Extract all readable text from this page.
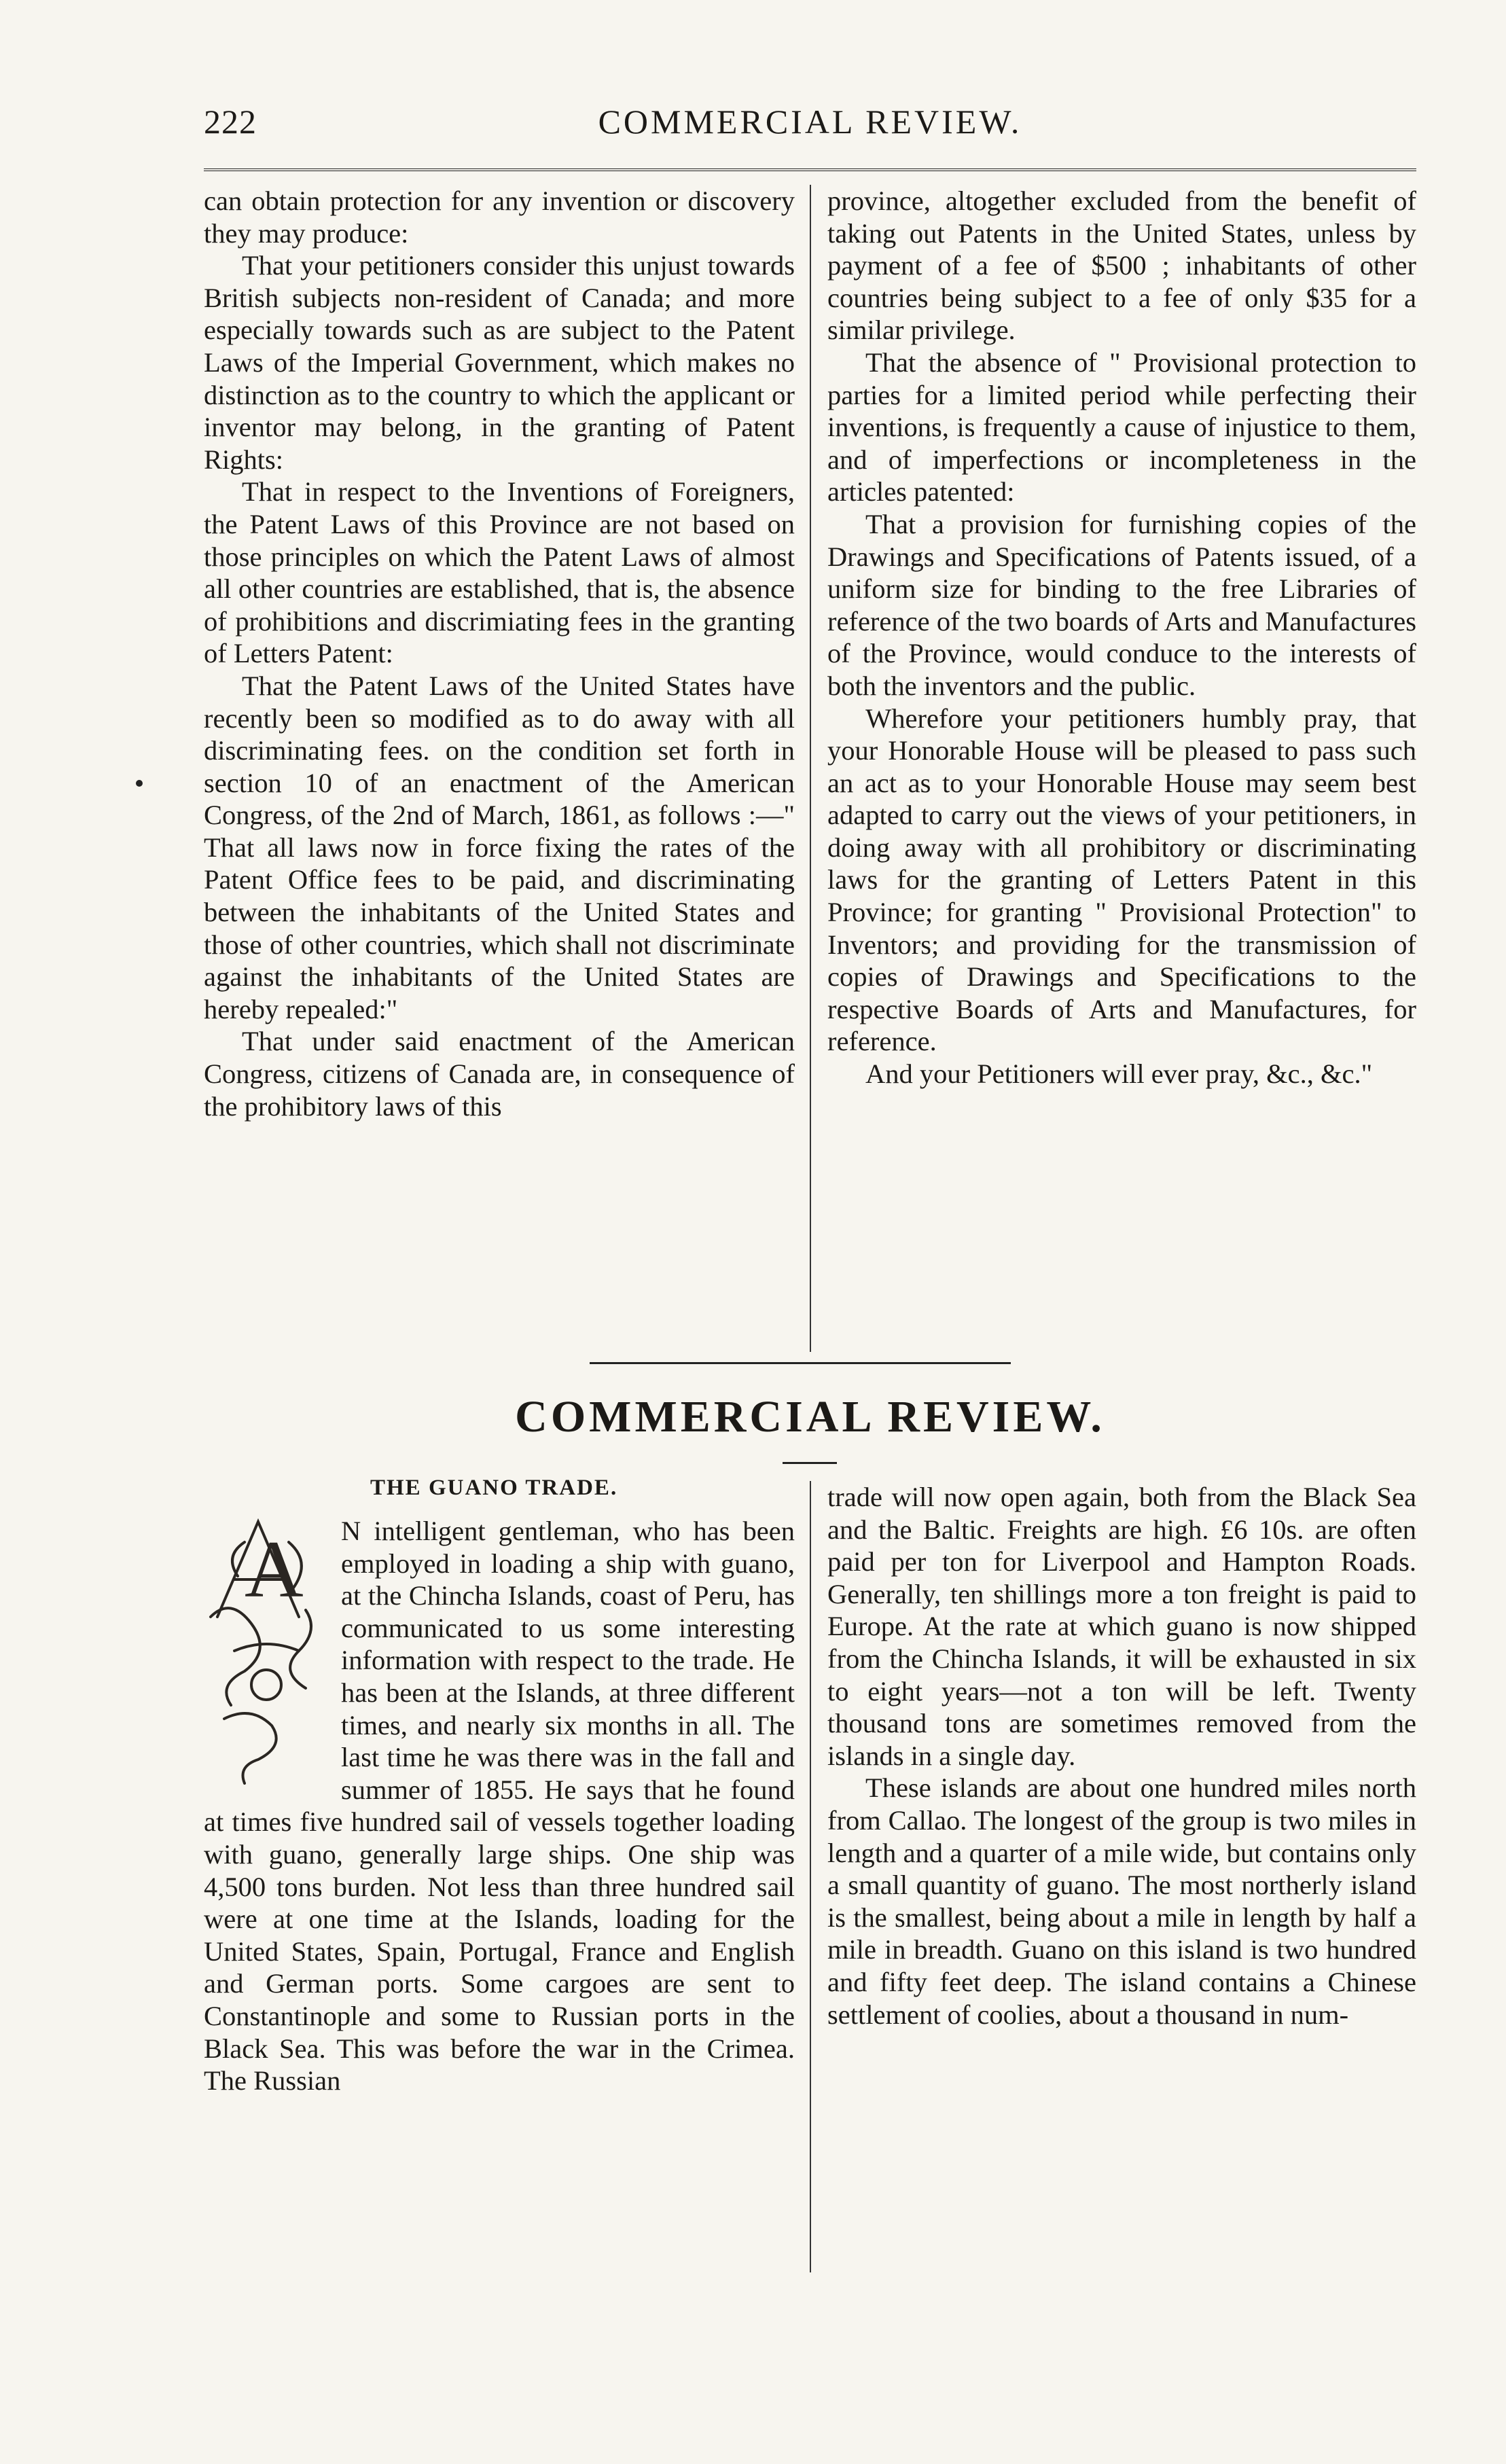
222	COMMERCIAL REVIEW.

can obtain protection for any invention or discovery they may produce:

That your petitioners consider this unjust towards British subjects non-resident of Canada; and more especially towards such as are subject to the Patent Laws of the Imperial Government, which makes no distinction as to the country to which the applicant or inventor may belong, in the granting of Patent Rights:

That in respect to the Inventions of Foreigners, the Patent Laws of this Province are not based on those principles on which the Patent Laws of almost all other countries are established, that is, the absence of prohibitions and discrimiating fees in the granting of Letters Patent:

That the Patent Laws of the United States have recently been so modified as to do away with all discriminating fees. on the condition set forth in section 10 of an enactment of the American Congress, of the 2nd of March, 1861, as follows :—" That all laws now in force fixing the rates of the Patent Office fees to be paid, and discriminating between the inhabitants of the United States and those of other countries, which shall not discriminate against the inhabitants of the United States are hereby repealed:"

That under said enactment of the American Congress, citizens of Canada are, in consequence of the prohibitory laws of this

province, altogether excluded from the benefit of taking out Patents in the United States, unless by payment of a fee of $500 ; inhabitants of other countries being subject to a fee of only $35 for a similar privilege.

That the absence of " Provisional protection to parties for a limited period while perfecting their inventions, is frequently a cause of injustice to them, and of imperfections or incompleteness in the articles patented:

That a provision for furnishing copies of the Drawings and Specifications of Patents issued, of a uniform size for binding to the free Libraries of reference of the two boards of Arts and Manufactures of the Province, would conduce to the interests of both the inventors and the public.

Wherefore your petitioners humbly pray, that your Honorable House will be pleased to pass such an act as to your Honorable House may seem best adapted to carry out the views of your petitioners, in doing away with all prohibitory or discriminating laws for the granting of Letters Patent in this Province; for granting " Provisional Protection" to Inventors; and providing for the transmission of copies of Drawings and Specifications to the respective Boards of Arts and Manufactures, for reference.

And your Petitioners will ever pray, &c., &c."

COMMERCIAL REVIEW.
THE GUANO TRADE.
A	N intelligent gentleman, who has been employed in loading a ship with guano, at the Chincha Islands, coast of Peru, has communicated to us some interesting information with respect to the trade. He has been at the Islands, at three different times, and nearly six months in all. The last time he was there was in the fall and summer of 1855. He says that he found at times five hundred sail of vessels together loading with guano, generally large ships. One ship was 4,500 tons burden. Not less than three hundred sail were at one time at the Islands, loading for the United States, Spain, Portugal, France and English and German ports. Some cargoes are sent to Constantinople and some to Russian ports in the Black Sea. This was before the war in the Crimea. The Russian

trade will now open again, both from the Black Sea and the Baltic. Freights are high. £6 10s. are often paid per ton for Liverpool and Hampton Roads. Generally, ten shillings more a ton freight is paid to Europe. At the rate at which guano is now shipped from the Chincha Islands, it will be exhausted in six to eight years—not a ton will be left. Twenty thousand tons are sometimes removed from the islands in a single day.

These islands are about one hundred miles north from Callao. The longest of the group is two miles in length and a quarter of a mile wide, but contains only a small quantity of guano. The most northerly island is the smallest, being about a mile in length by half a mile in breadth. Guano on this island is two hundred and fifty feet deep. The island contains a Chinese settlement of coolies, about a thousand in num-
